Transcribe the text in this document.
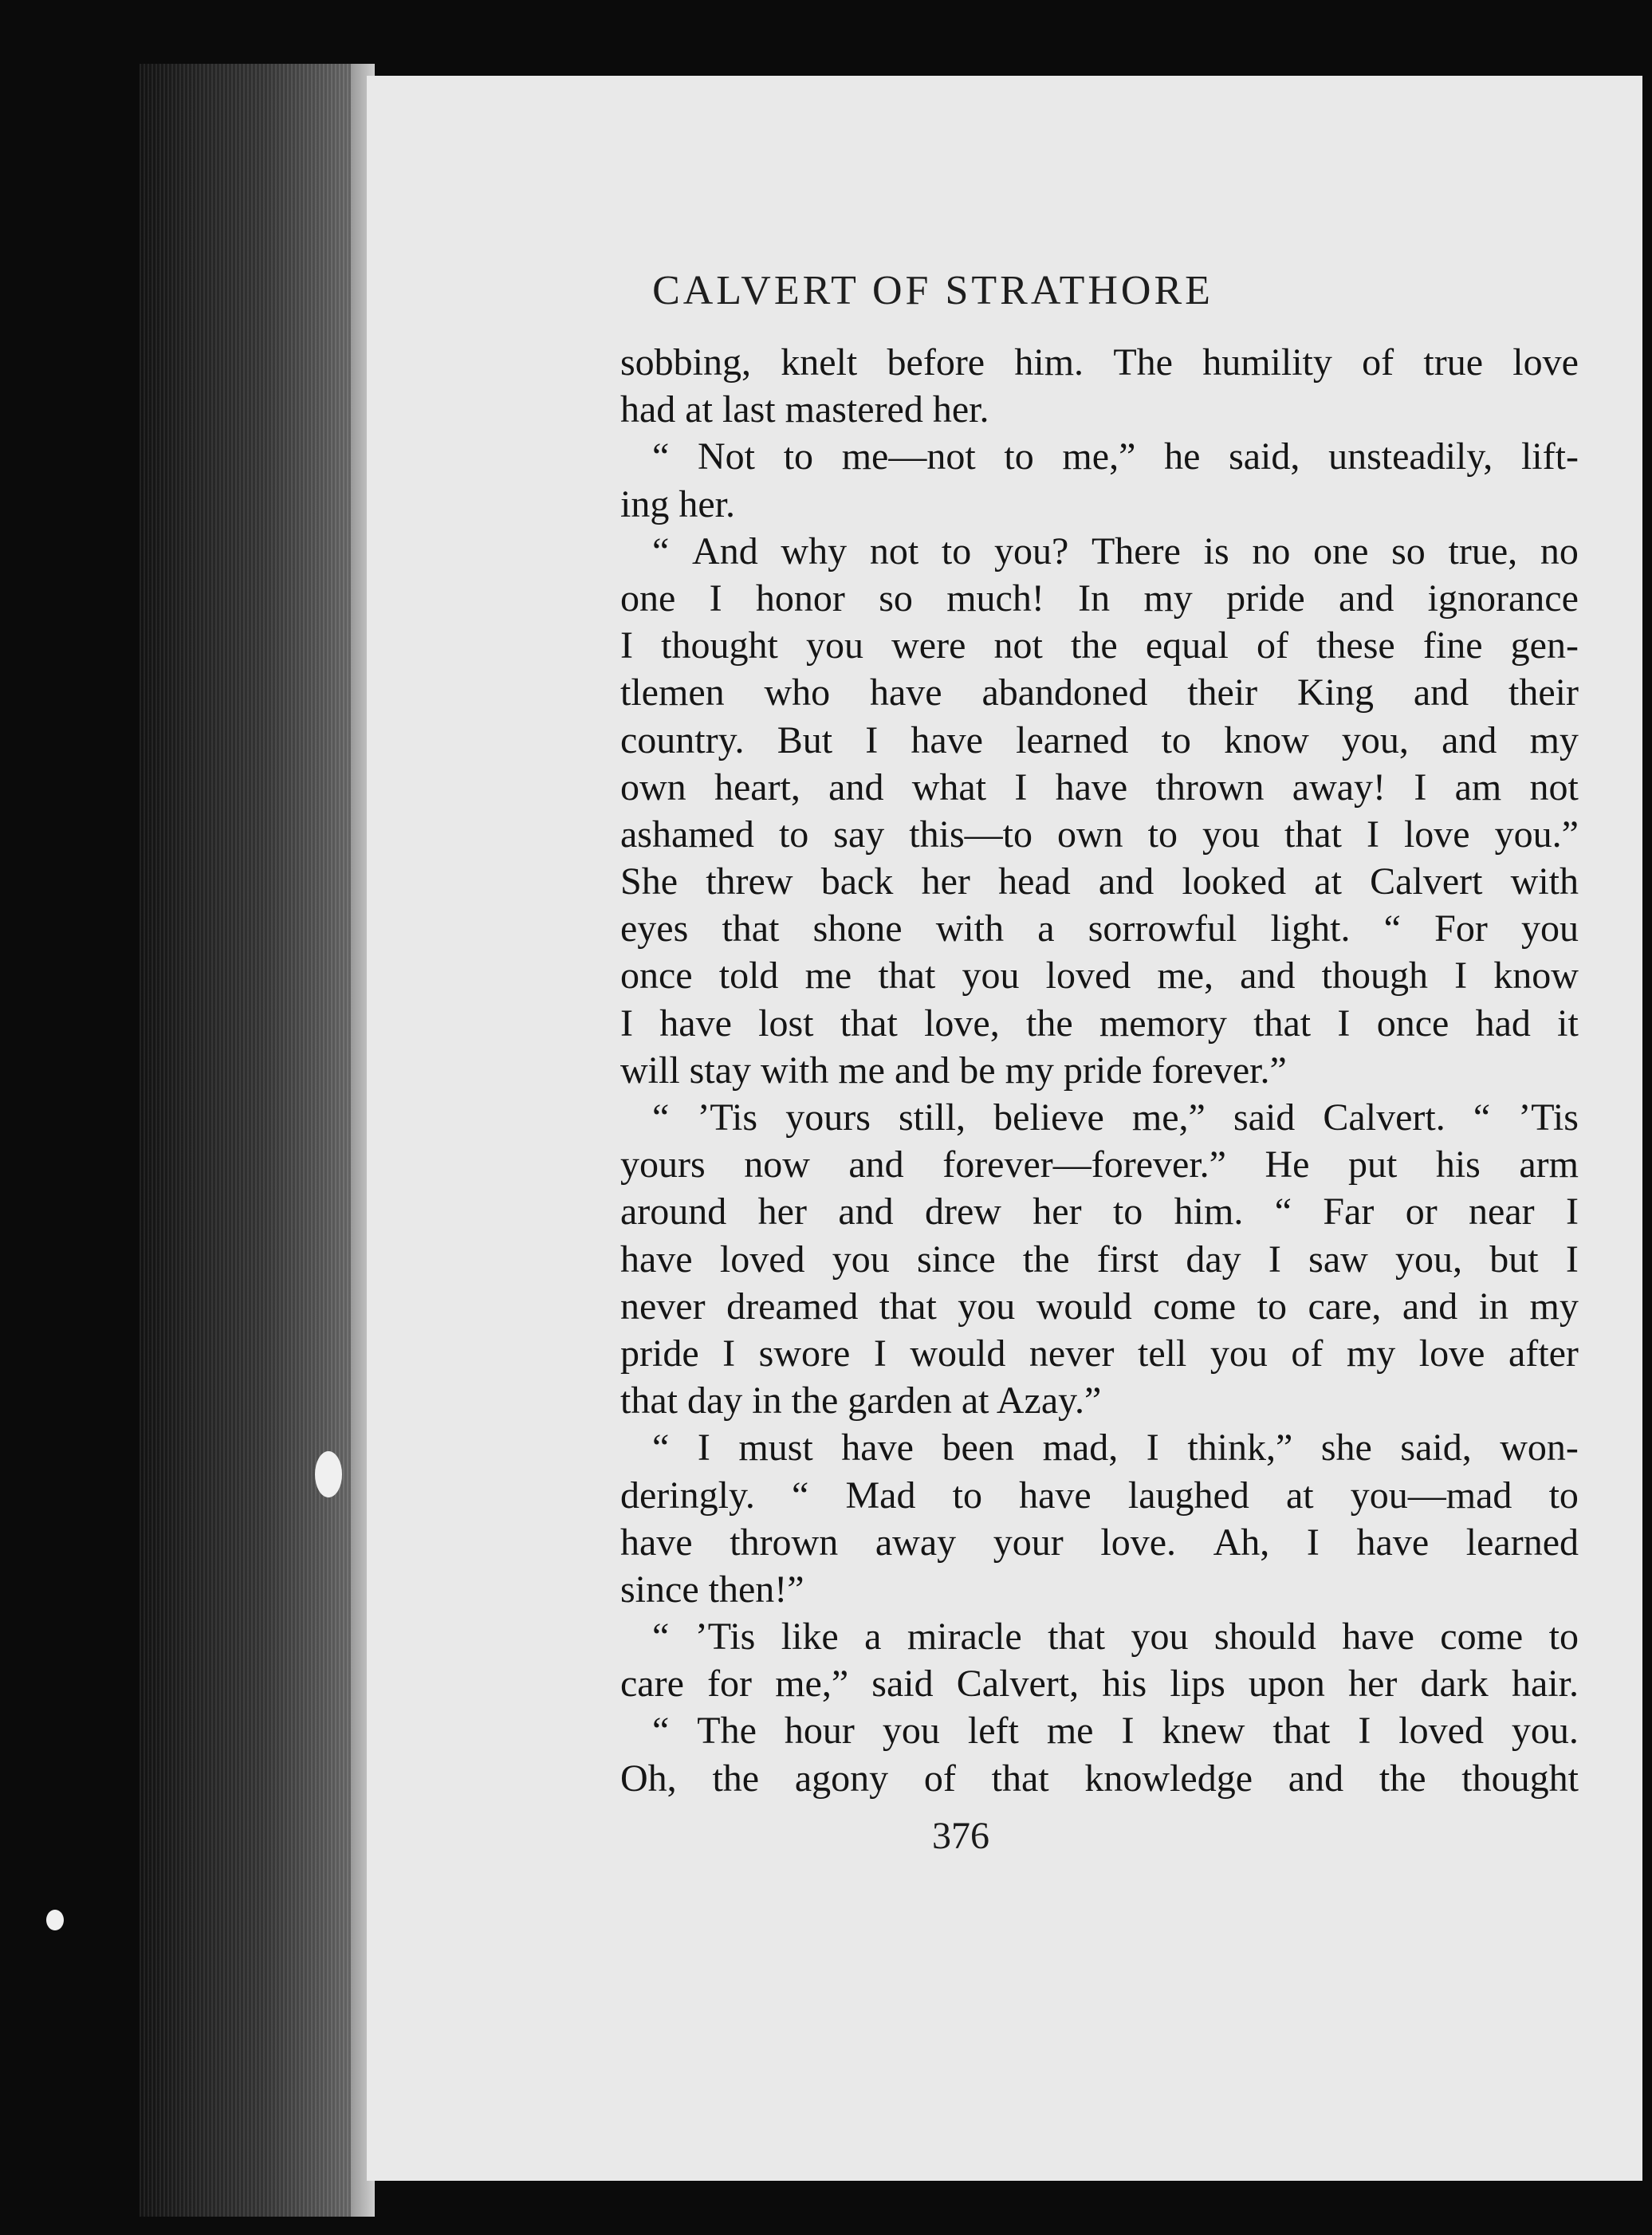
CALVERT OF STRATHORE
sobbing, knelt before him. The humility of true love
had at last mastered her.
“ Not to me—not to me,” he said, unsteadily, lift-
ing her.
“ And why not to you? There is no one so true, no
one I honor so much! In my pride and ignorance
I thought you were not the equal of these fine gen-
tlemen who have abandoned their King and their
country. But I have learned to know you, and my
own heart, and what I have thrown away! I am not
ashamed to say this—to own to you that I love you.”
She threw back her head and looked at Calvert with
eyes that shone with a sorrowful light. “ For you
once told me that you loved me, and though I know
I have lost that love, the memory that I once had it
will stay with me and be my pride forever.”
“ ’Tis yours still, believe me,” said Calvert. “ ’Tis
yours now and forever—forever.” He put his arm
around her and drew her to him. “ Far or near I
have loved you since the first day I saw you, but I
never dreamed that you would come to care, and in my
pride I swore I would never tell you of my love after
that day in the garden at Azay.”
“ I must have been mad, I think,” she said, won-
deringly. “ Mad to have laughed at you—mad to
have thrown away your love. Ah, I have learned
since then!”
“ ’Tis like a miracle that you should have come to
care for me,” said Calvert, his lips upon her dark hair.
“ The hour you left me I knew that I loved you.
Oh, the agony of that knowledge and the thought

376
